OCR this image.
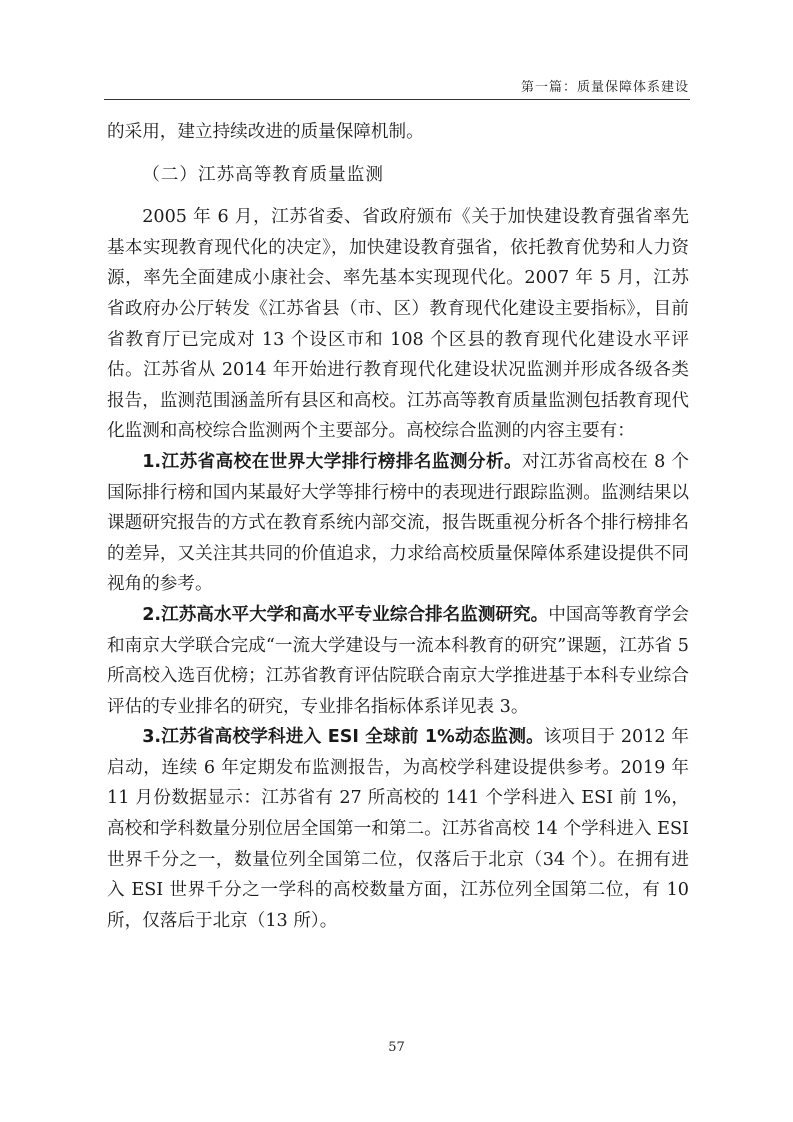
第一篇：质量保障体系建设

的采用，建立持续改进的质量保障机制。

（二）江苏高等教育质量监测

2005 年 6 月，江苏省委、省政府颁布《关于加快建设教育强省率先基本实现教育现代化的决定》，加快建设教育强省，依托教育优势和人力资源，率先全面建成小康社会、率先基本实现现代化。2007 年 5 月，江苏省政府办公厅转发《江苏省县（市、区）教育现代化建设主要指标》，目前省教育厅已完成对 13 个设区市和 108 个区县的教育现代化建设水平评估。江苏省从 2014 年开始进行教育现代化建设状况监测并形成各级各类报告，监测范围涵盖所有县区和高校。江苏高等教育质量监测包括教育现代化监测和高校综合监测两个主要部分。高校综合监测的内容主要有：

1.江苏省高校在世界大学排行榜排名监测分析。对江苏省高校在 8 个国际排行榜和国内某最好大学等排行榜中的表现进行跟踪监测。监测结果以课题研究报告的方式在教育系统内部交流，报告既重视分析各个排行榜排名的差异，又关注其共同的价值追求，力求给高校质量保障体系建设提供不同视角的参考。

2.江苏高水平大学和高水平专业综合排名监测研究。中国高等教育学会和南京大学联合完成“一流大学建设与一流本科教育的研究”课题，江苏省 5 所高校入选百优榜；江苏省教育评估院联合南京大学推进基于本科专业综合评估的专业排名的研究，专业排名指标体系详见表 3。

3.江苏省高校学科进入 ESI 全球前 1%动态监测。该项目于 2012 年启动，连续 6 年定期发布监测报告，为高校学科建设提供参考。2019 年 11 月份数据显示：江苏省有 27 所高校的 141 个学科进入 ESI 前 1%，高校和学科数量分别位居全国第一和第二。江苏省高校 14 个学科进入 ESI 世界千分之一，数量位列全国第二位，仅落后于北京（34 个）。在拥有进入 ESI 世界千分之一学科的高校数量方面，江苏位列全国第二位，有 10 所，仅落后于北京（13 所）。

57
